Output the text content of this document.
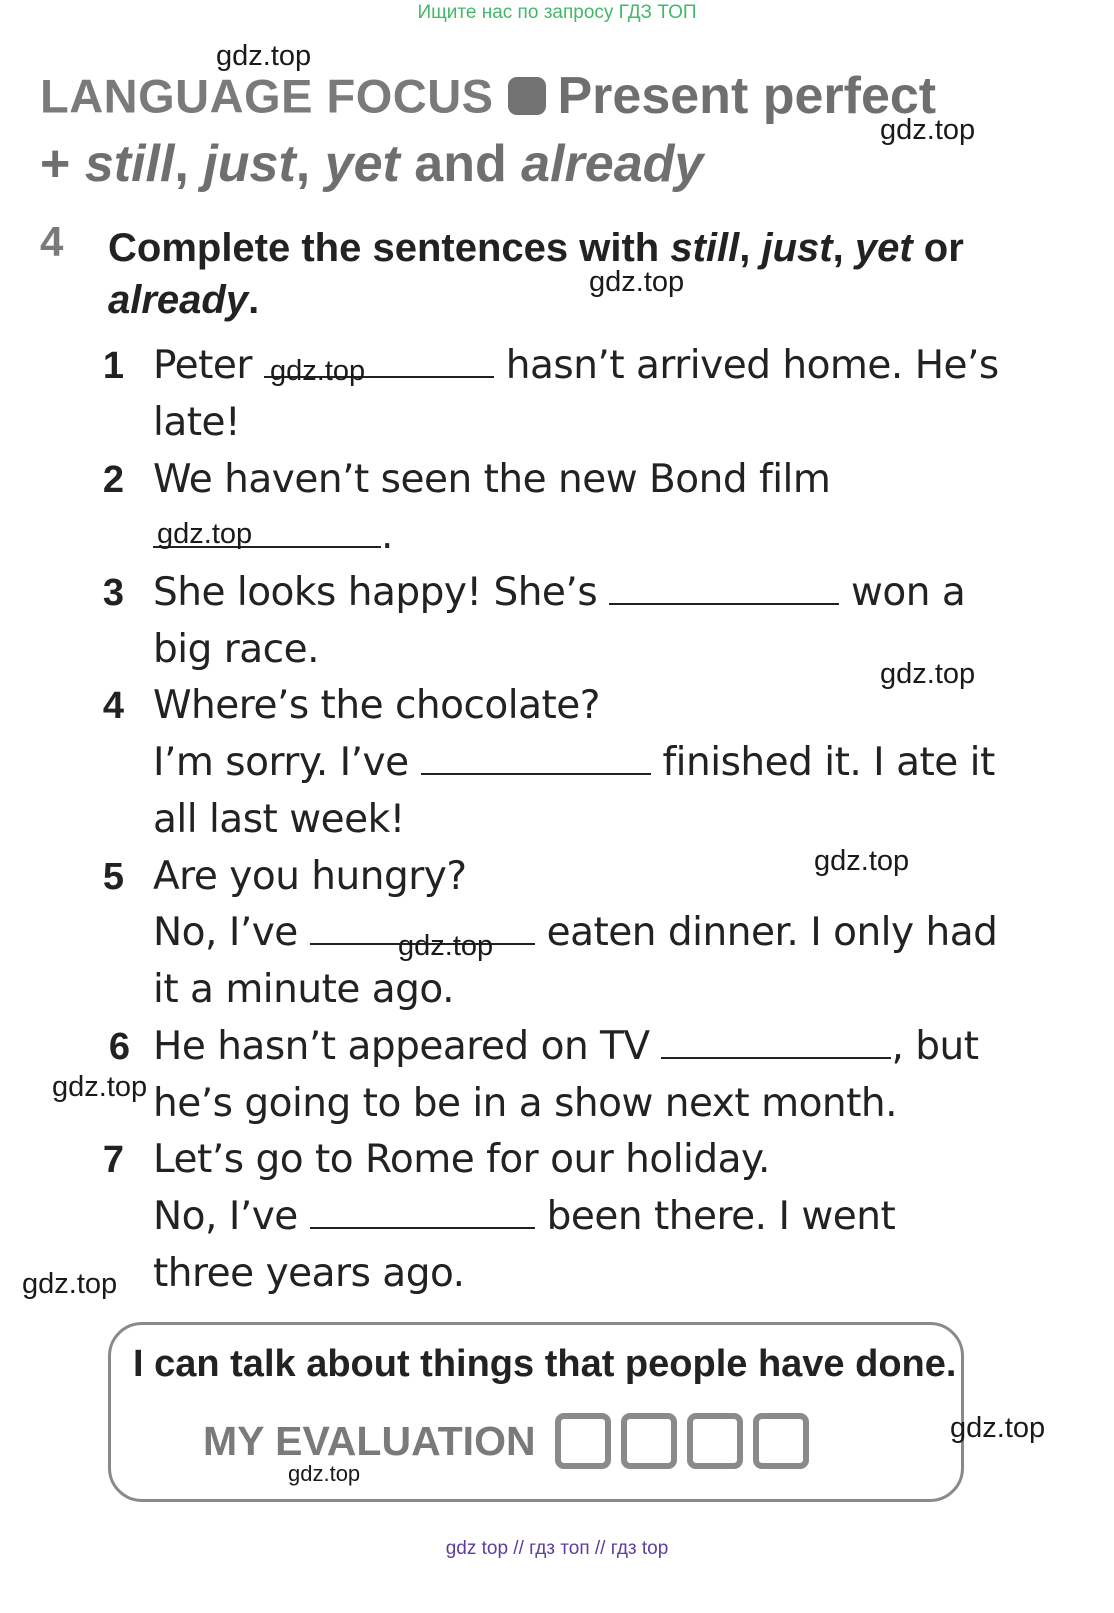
Ищите нас по запросу ГДЗ ТОП
LANGUAGE FOCUS Present perfect
+ still, just, yet and already
4 Complete the sentences with still, just, yet or already.
1 Peter	hasn’t arrived home. He’s
late!
2 We haven’t seen the new Bond film
.
3 She looks happy! She’s	won a
big race.
4 Where’s the chocolate?
I’m sorry. I’ve	finished it. I ate it
all last week!
5 Are you hungry?
No, I’ve	eaten dinner. I only had
it a minute ago.
6 He hasn’t appeared on TV	, but
he’s going to be in a show next month.
7 Let’s go to Rome for our holiday.
No, I’ve	been there. I went
three years ago.
I can talk about things that people have done.
MY EVALUATION
gdz.top
gdz.top
gdz.top
gdz.top
gdz.top
gdz.top
gdz.top
gdz.top
gdz.top
gdz.top
gdz.top
gdz.top
gdz top // гдз топ // гдз top
